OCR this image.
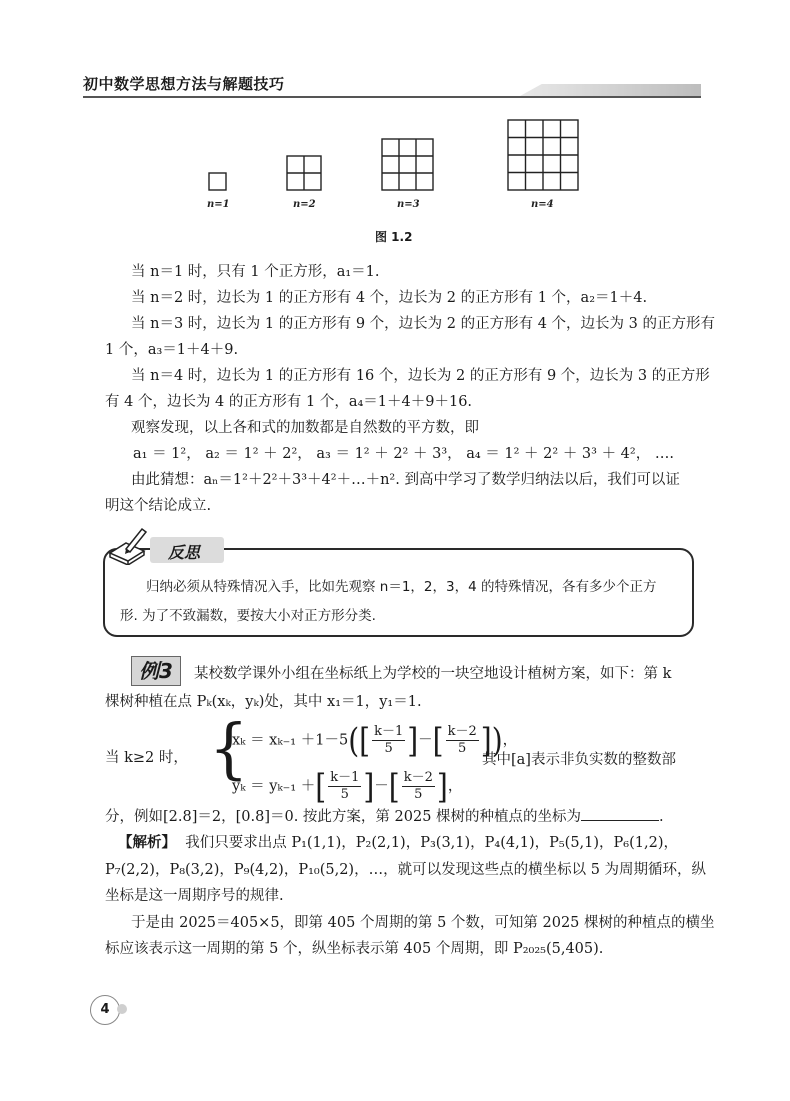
初中数学思想方法与解题技巧
n=1	n=2	n=3	n=4
图 1.2
当 n＝1 时，只有 1 个正方形，a₁＝1.
当 n＝2 时，边长为 1 的正方形有 4 个，边长为 2 的正方形有 1 个，a₂＝1＋4.
当 n＝3 时，边长为 1 的正方形有 9 个，边长为 2 的正方形有 4 个，边长为 3 的正方形有
1 个，a₃＝1＋4＋9.
当 n＝4 时，边长为 1 的正方形有 16 个，边长为 2 的正方形有 9 个，边长为 3 的正方形
有 4 个，边长为 4 的正方形有 1 个，a₄＝1＋4＋9＋16.
观察发现，以上各和式的加数都是自然数的平方数，即
a₁ ＝ 1²， a₂ ＝ 1² ＋ 2²， a₃ ＝ 1² ＋ 2² ＋ 3³， a₄ ＝ 1² ＋ 2² ＋ 3³ ＋ 4²， ….
由此猜想：aₙ＝1²＋2²＋3³＋4²＋…＋n². 到高中学习了数学归纳法以后，我们可以证
明这个结论成立.
反思
归纳必须从特殊情况入手，比如先观察 n＝1，2，3，4 的特殊情况，各有多少个正方
形. 为了不致漏数，要按大小对正方形分类.
例3	某校数学课外小组在坐标纸上为学校的一块空地设计植树方案，如下：第 k
棵树种植在点 Pₖ(xₖ，yₖ)处，其中 x₁＝1，y₁＝1.
当 k≥2 时， {
$x_k = x_{k-1} +1-5([ \frac{k-1}{5}$ ]－[ $\frac{k-2}{5}$ ])，
yₖ ＝ yₖ₋₁ ＋[ $\frac{k-1}{5}$ ]－[ $\frac{k-2}{5}$ ]，
其中[a]表示非负实数的整数部
分，例如[2.8]＝2，[0.8]＝0. 按此方案，第 2025 棵树的种植点的坐标为	.
【解析】 我们只要求出点 P₁(1,1)，P₂(2,1)，P₃(3,1)，P₄(4,1)，P₅(5,1)，P₆(1,2)，
P₇(2,2)，P₈(3,2)，P₉(4,2)，P₁₀(5,2)，…，就可以发现这些点的横坐标以 5 为周期循环，纵
坐标是这一周期序号的规律.
于是由 2025＝405×5，即第 405 个周期的第 5 个数，可知第 2025 棵树的种植点的横坐
标应该表示这一周期的第 5 个，纵坐标表示第 405 个周期，即 P₂₀₂₅(5,405).
4
